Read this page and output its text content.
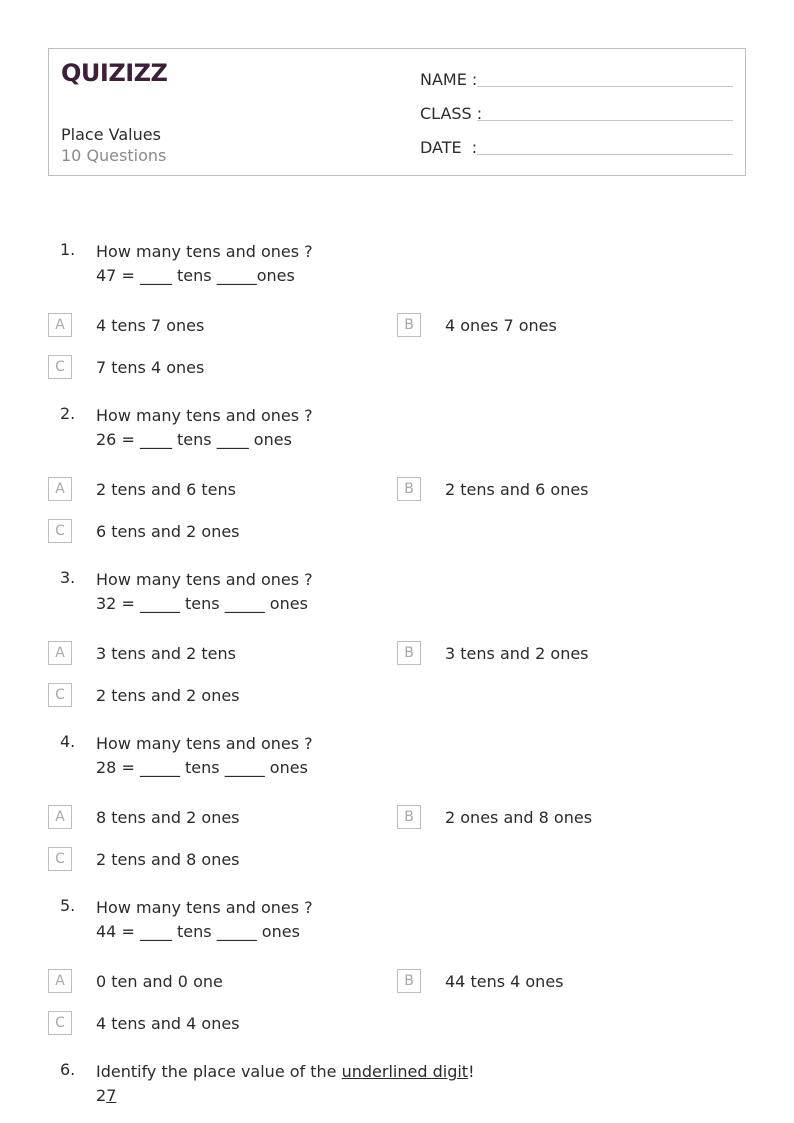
QUIZIZZ
Place Values
10 Questions
NAME :
CLASS :
DATE  :
1. How many tens and ones ?
47 = ____ tens _____ones
A	4 tens 7 ones	B	4 ones 7 ones
C	7 tens 4 ones
2. How many tens and ones ?
26 = ____ tens ____ ones
A	2 tens and 6 tens	B	2 tens and 6 ones
C	6 tens and 2 ones
3. How many tens and ones ?
32 = _____ tens _____ ones
A	3 tens and 2 tens	B	3 tens and 2 ones
C	2 tens and 2 ones
4. How many tens and ones ?
28 = _____ tens _____ ones
A	8 tens and 2 ones	B	2 ones and 8 ones
C	2 tens and 8 ones
5. How many tens and ones ?
44 = ____ tens _____ ones
A	0 ten and 0 one	B	44 tens 4 ones
C	4 tens and 4 ones
6. Identify the place value of the underlined digit!
27
